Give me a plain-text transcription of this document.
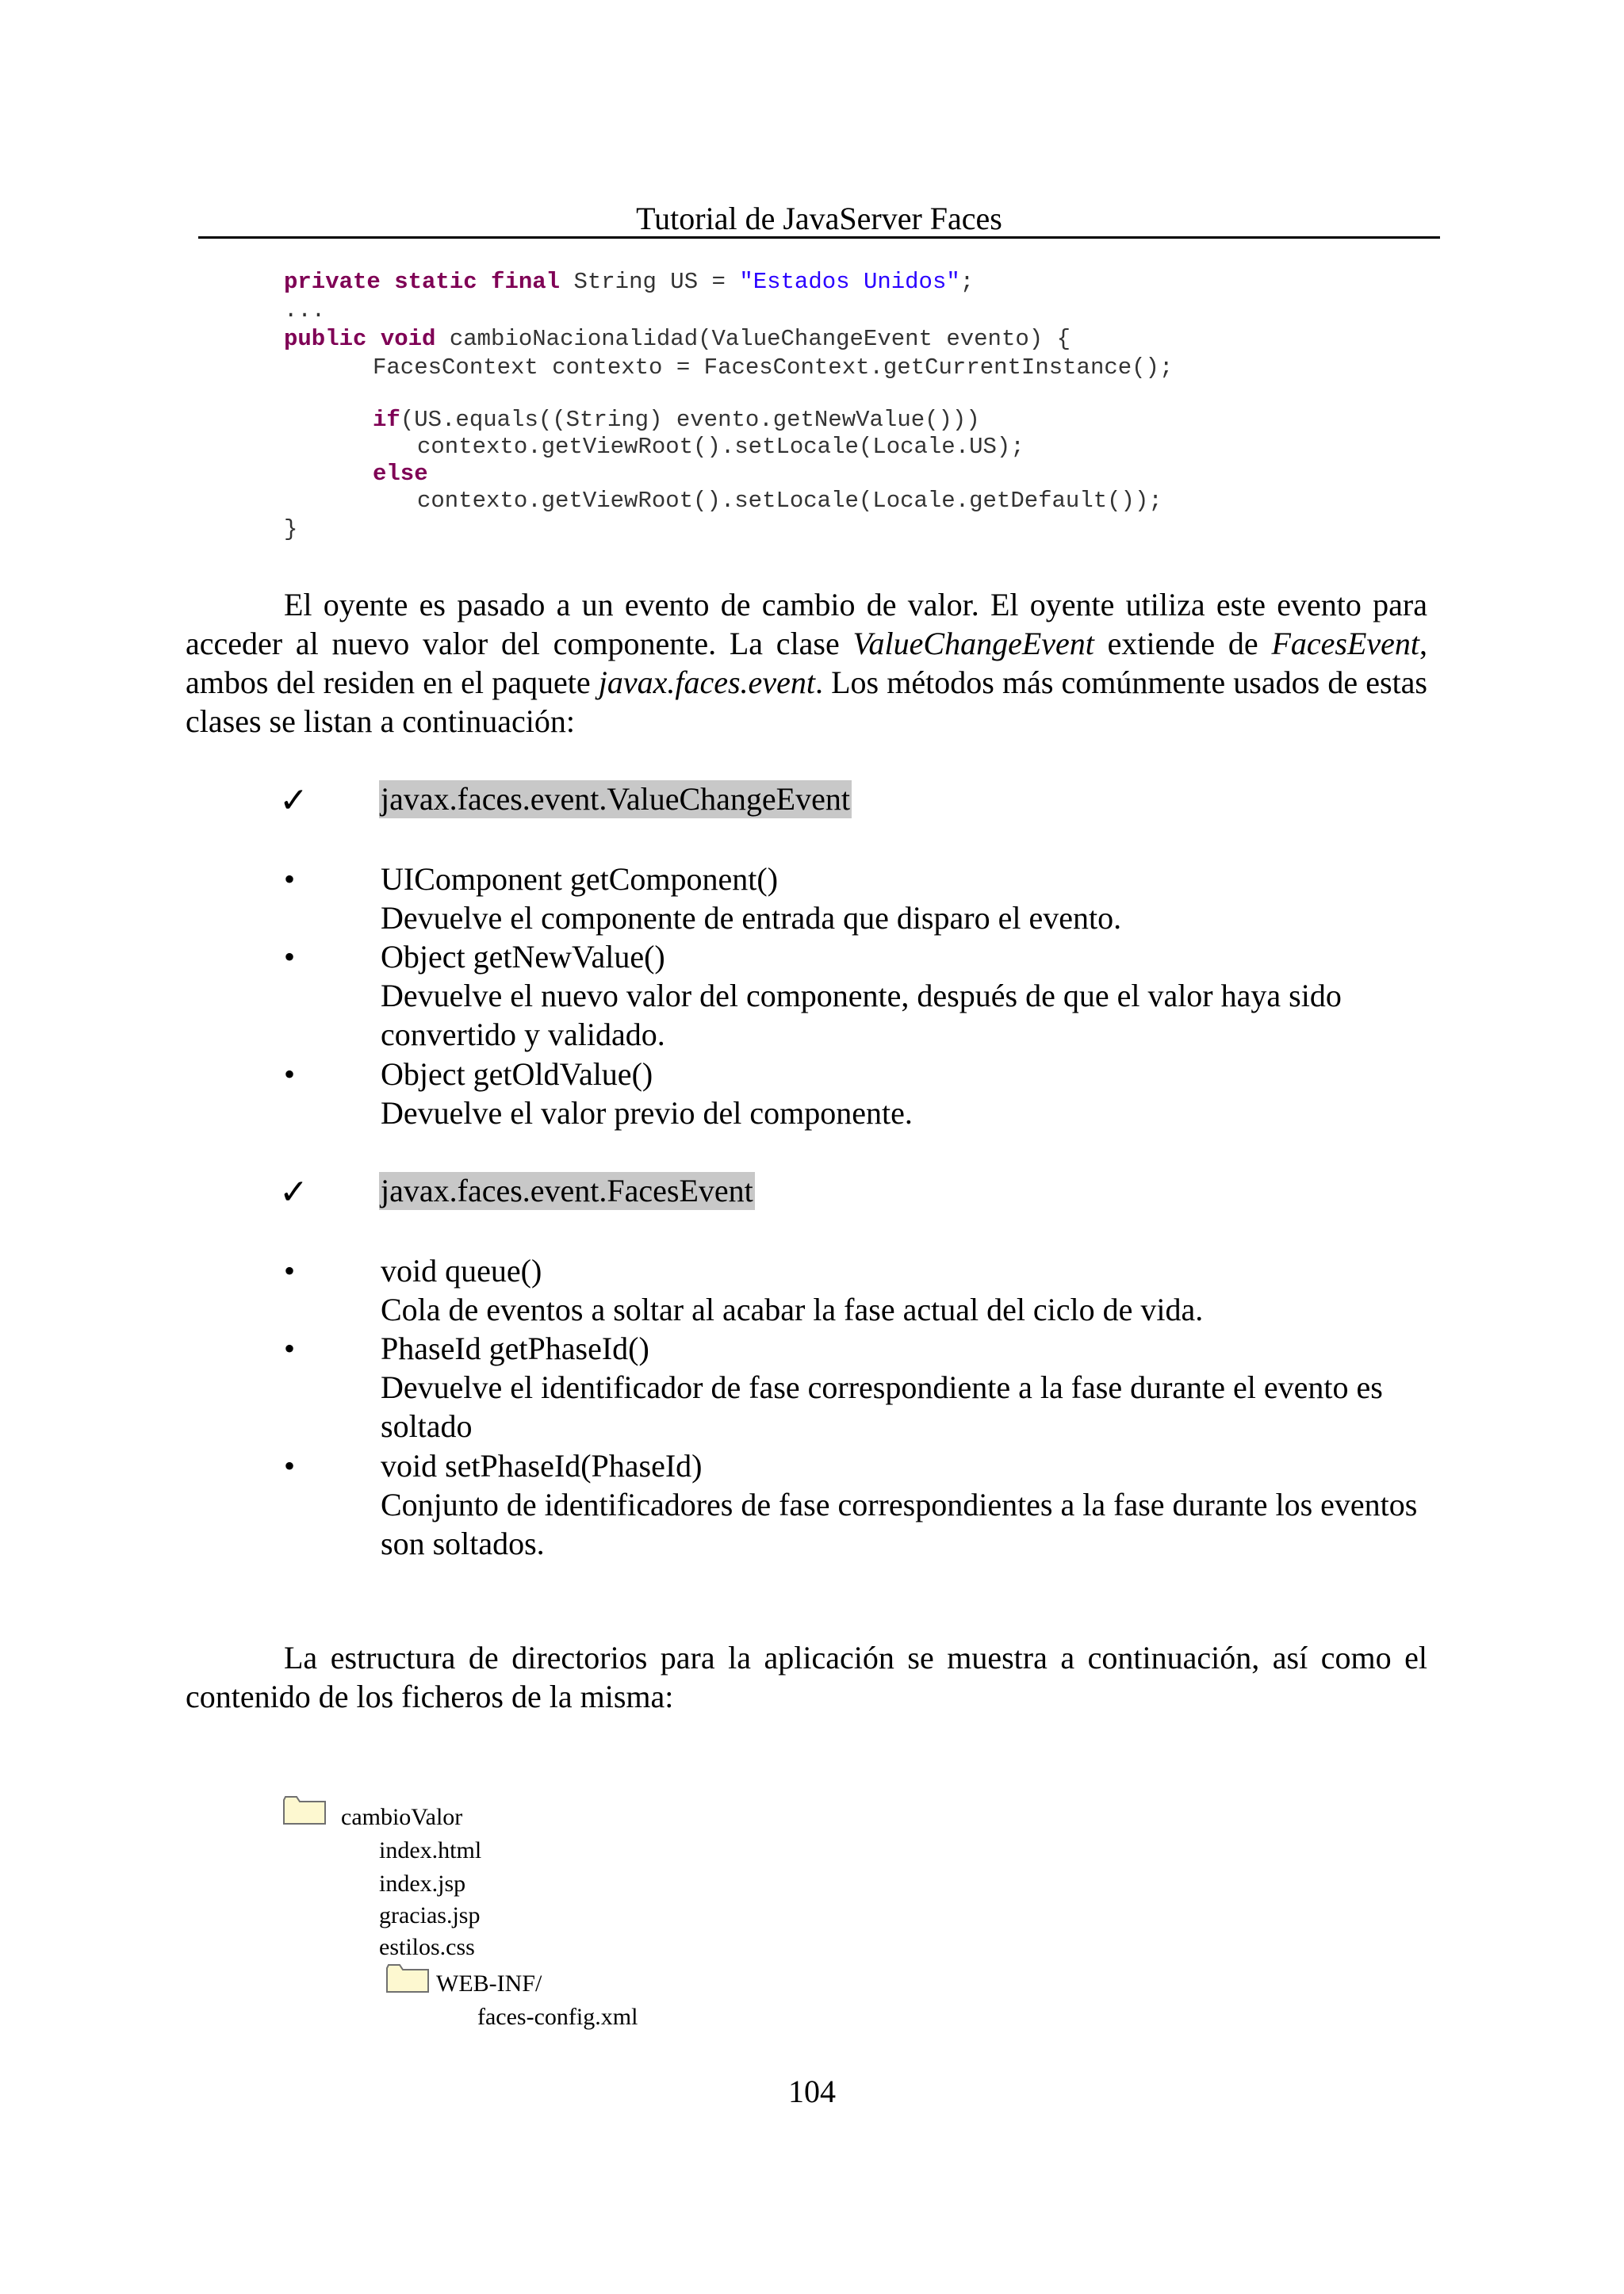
Tutorial de JavaServer Faces
private static final String US = "Estados Unidos";
...
public void cambioNacionalidad(ValueChangeEvent evento) {
FacesContext contexto = FacesContext.getCurrentInstance();
if(US.equals((String) evento.getNewValue()))
contexto.getViewRoot().setLocale(Locale.US);
else
contexto.getViewRoot().setLocale(Locale.getDefault());
}
El oyente es pasado a un evento de cambio de valor. El oyente utiliza este evento para acceder al nuevo valor del componente. La clase ValueChangeEvent extiende de FacesEvent, ambos del residen en el paquete javax.faces.event. Los métodos más comúnmente usados de estas clases se listan a continuación:
✓ javax.faces.event.ValueChangeEvent
•	UIComponent getComponent()
Devuelve el componente de entrada que disparo el evento.
•	Object getNewValue()
Devuelve el nuevo valor del componente, después de que el valor haya sido convertido y validado.
•	Object getOldValue()
Devuelve el valor previo del componente.
✓ javax.faces.event.FacesEvent
•	void queue()
Cola de eventos a soltar al acabar la fase actual del ciclo de vida.
•	PhaseId getPhaseId()
Devuelve el identificador de fase correspondiente a la fase durante el evento es soltado
•	void setPhaseId(PhaseId)
Conjunto de identificadores de fase correspondientes a la fase durante los eventos son soltados.
La estructura de directorios para la aplicación se muestra a continuación, así como el contenido de los ficheros de la misma:
cambioValor
index.html
index.jsp
gracias.jsp
estilos.css
WEB-INF/
faces-config.xml
104
